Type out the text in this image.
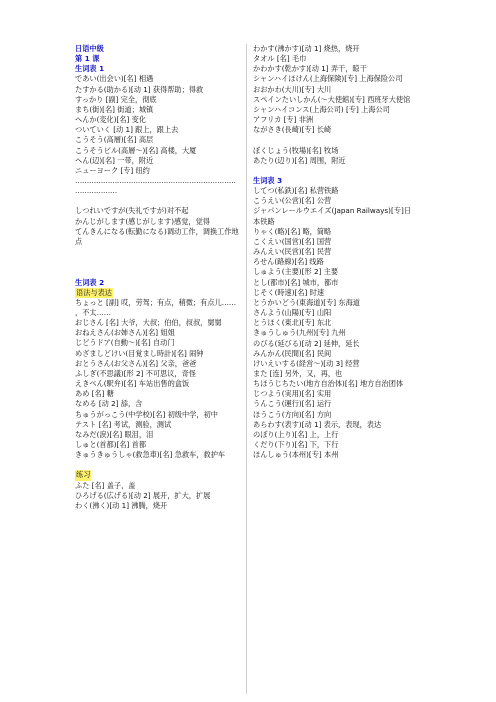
日语中级
第 1 课
生词表 1
であい(出会い)[名] 相遇
たすかる(助かる)[动 1] 获得帮助；得救
すっかり [副] 完全，彻底
まち(街)[名] 街道；城镇
へんか(変化)[名] 变化
ついていく [动 1] 跟上，跟上去
こうそう(高層)[名] 高层
こうそうビル(高層～)[名] 高楼，大厦
へん(辺)[名] 一带，附近
ニューヨーク [专] 纽约
……………………………………………………………
………………
しつれいですが(失礼ですが)对不起
かんじがします(感じがします)感觉，觉得
てんきんになる(転勤になる)调动工作，调换工作地点
生词表 2
语法与表达
ちょっと [副] 哎，劳驾；有点，稍微；有点儿…… ，不太……
おじさん [名] 大爷，大叔；伯伯，叔叔，舅舅
おねえさん(お姉さん)[名] 姐姐
じどうドア(自動～)[名] 自动门
めざましどけい(目覚まし時計)[名] 闹钟
おとうさん(お父さん)[名] 父亲，爸爸
ふしぎ(不思議)[形 2] 不可思议，奇怪
えきべん(駅弁)[名] 车站出售的盒饭
あめ [名] 糖
なめる [动 2] 舔，含
ちゅうがっこう(中学校)[名] 初级中学，初中
テスト [名] 考试，测验，测试
なみだ(涙)[名] 眼泪，泪
しゅと(首都)[名] 首都
きゅうきゅうしゃ(救急車)[名] 急救车，救护车
练习
ふた [名] 盖子，盖
ひろげる(広げる)[动 2] 展开，扩大，扩展
わく(沸く)[动 1] 沸腾，烧开
わかす(沸かす)[动 1] 烧热，烧开
タオル [名] 毛巾
かわかす(乾かす)[动 1] 弄干，晾干
シャンハイほけん(上海保険)[专] 上海保险公司
おおかわ(大川)[专] 大川
スペインたいしかん(～大使館)[专] 西班牙大使馆
シャンハイコンス(上海公司) [专] 上海公司
アフリカ [专] 非洲
ながさき(長崎)[专] 长崎
ぼくじょう(牧場)[名] 牧场
あたり(辺り)[名] 周围，附近
生词表 3
してつ(私鉄)[名] 私营铁路
こうえい(公営)[名] 公营
ジャパンレールウエイズ(Japan Railways)[专]日本铁路
りゃく(略)[名] 略，简略
こくえい(国営)[名] 国营
みんえい(民営)[名] 民营
ろせん(路線)[名] 线路
しゅよう(主要)[形 2] 主要
とし(都市)[名] 城市，都市
じそく(時速)[名] 时速
とうかいどう(東海道)[专] 东海道
さんよう(山陽)[专] 山阳
とうほく(東北)[专] 东北
きゅうしゅう(九州)[专] 九州
のびる(延びる)[动 2] 延伸，延长
みんかん(民間)[名] 民间
けいえいする(経営～)[动 3] 经营
また [连] 另外，又，再，也
ちほうじちたい(地方自治体)[名] 地方自治团体
じつよう(実用)[名] 实用
うんこう(運行)[名] 运行
ほうこう(方向)[名] 方向
あらわす(表す)[动 1] 表示，表现，表达
のぼり(上り)[名] 上，上行
くだり(下り)[名] 下，下行
ほんしゅう(本州)[专] 本州
